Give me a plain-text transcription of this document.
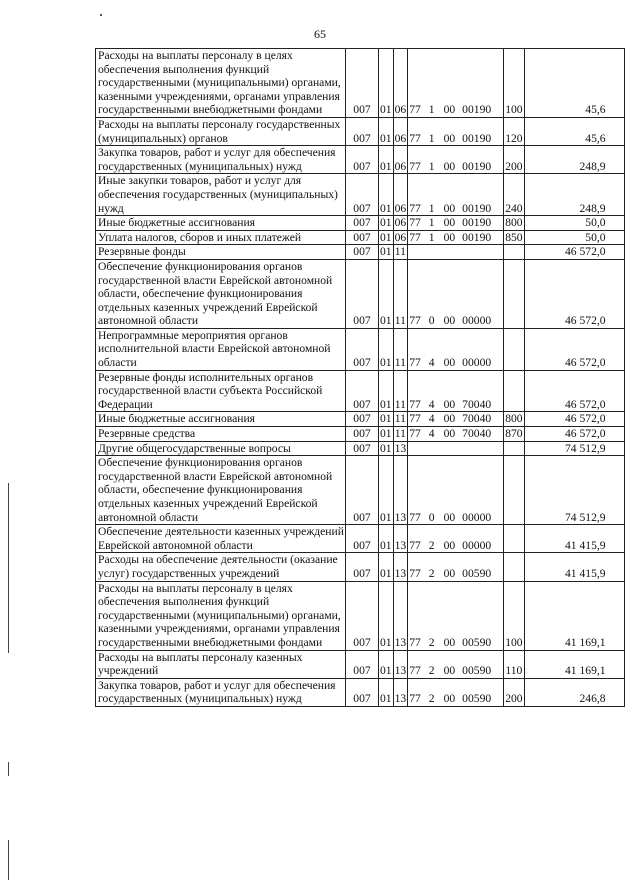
65
Расходы на выплаты персоналу в целях обеспечения выполнения функций государственными (муниципальными) органами, казенными учреждениями, органами управления государственными внебюджетными фондами	007	01	06	77 1 00 00190	100	45,6
Расходы на выплаты персоналу государственных (муниципальных) органов	007	01	06	77 1 00 00190	120	45,6
Закупка товаров, работ и услуг для обеспечения государственных (муниципальных) нужд	007	01	06	77 1 00 00190	200	248,9
Иные закупки товаров, работ и услуг для обеспечения государственных (муниципальных) нужд	007	01	06	77 1 00 00190	240	248,9
Иные бюджетные ассигнования	007	01	06	77 1 00 00190	800	50,0
Уплата налогов, сборов и иных платежей	007	01	06	77 1 00 00190	850	50,0
Резервные фонды	007	01	11			46 572,0
Обеспечение функционирования органов государственной власти Еврейской автономной области, обеспечение функционирования отдельных казенных учреждений Еврейской автономной области	007	01	11	77 0 00 00000		46 572,0
Непрограммные мероприятия органов исполнительной власти Еврейской автономной области	007	01	11	77 4 00 00000		46 572,0
Резервные фонды исполнительных органов государственной власти субъекта Российской Федерации	007	01	11	77 4 00 70040		46 572,0
Иные бюджетные ассигнования	007	01	11	77 4 00 70040	800	46 572,0
Резервные средства	007	01	11	77 4 00 70040	870	46 572,0
Другие общегосударственные вопросы	007	01	13			74 512,9
Обеспечение функционирования органов государственной власти Еврейской автономной области, обеспечение функционирования отдельных казенных учреждений Еврейской автономной области	007	01	13	77 0 00 00000		74 512,9
Обеспечение деятельности казенных учреждений Еврейской автономной области	007	01	13	77 2 00 00000		41 415,9
Расходы на обеспечение деятельности (оказание услуг) государственных учреждений	007	01	13	77 2 00 00590		41 415,9
Расходы на выплаты персоналу в целях обеспечения выполнения функций государственными (муниципальными) органами, казенными учреждениями, органами управления государственными внебюджетными фондами	007	01	13	77 2 00 00590	100	41 169,1
Расходы на выплаты персоналу казенных учреждений	007	01	13	77 2 00 00590	110	41 169,1
Закупка товаров, работ и услуг для обеспечения государственных (муниципальных) нужд	007	01	13	77 2 00 00590	200	246,8
